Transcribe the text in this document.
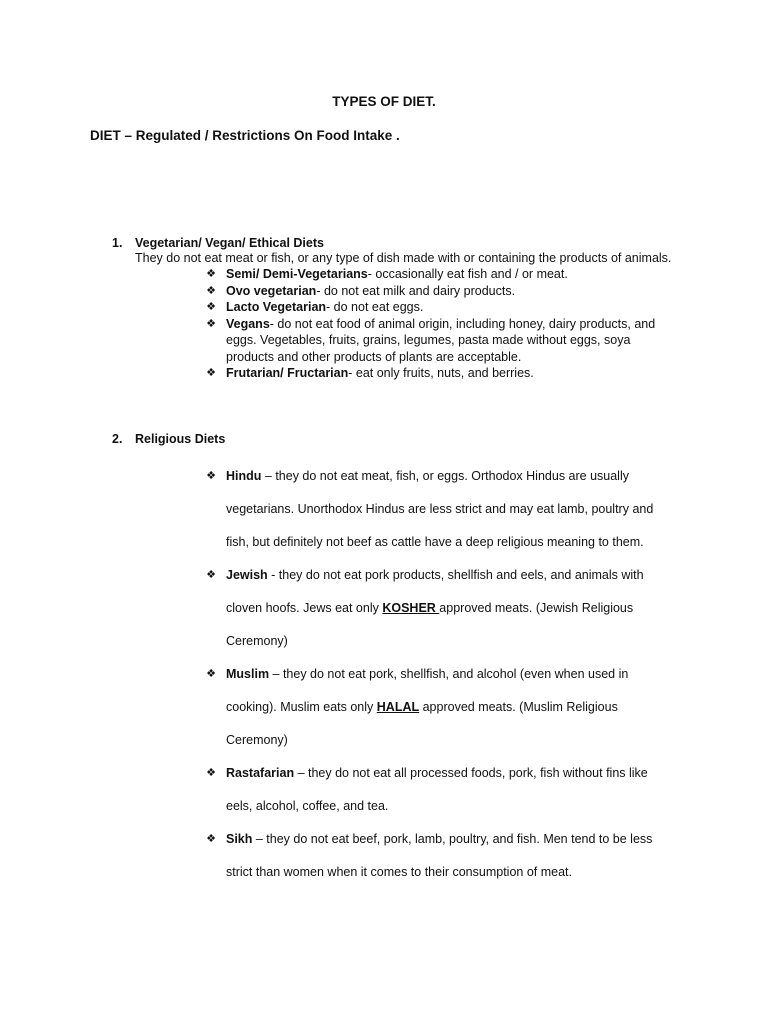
TYPES OF DIET.
DIET – Regulated / Restrictions On Food Intake .
1. Vegetarian/ Vegan/ Ethical Diets
They do not eat meat or fish, or any type of dish made with or containing the products of animals.
❖ Semi/ Demi-Vegetarians- occasionally eat fish and / or meat.
❖ Ovo vegetarian- do not eat milk and dairy products.
❖ Lacto Vegetarian- do not eat eggs.
❖ Vegans- do not eat food of animal origin, including honey, dairy products, and eggs. Vegetables, fruits, grains, legumes, pasta made without eggs, soya products and other products of plants are acceptable.
❖ Frutarian/ Fructarian- eat only fruits, nuts, and berries.
2. Religious Diets
❖ Hindu – they do not eat meat, fish, or eggs. Orthodox Hindus are usually vegetarians. Unorthodox Hindus are less strict and may eat lamb, poultry and fish, but definitely not beef as cattle have a deep religious meaning to them.
❖ Jewish - they do not eat pork products, shellfish and eels, and animals with cloven hoofs. Jews eat only KOSHER approved meats. (Jewish Religious Ceremony)
❖ Muslim – they do not eat pork, shellfish, and alcohol (even when used in cooking). Muslim eats only HALAL approved meats. (Muslim Religious Ceremony)
❖ Rastafarian – they do not eat all processed foods, pork, fish without fins like eels, alcohol, coffee, and tea.
❖ Sikh – they do not eat beef, pork, lamb, poultry, and fish. Men tend to be less strict than women when it comes to their consumption of meat.
